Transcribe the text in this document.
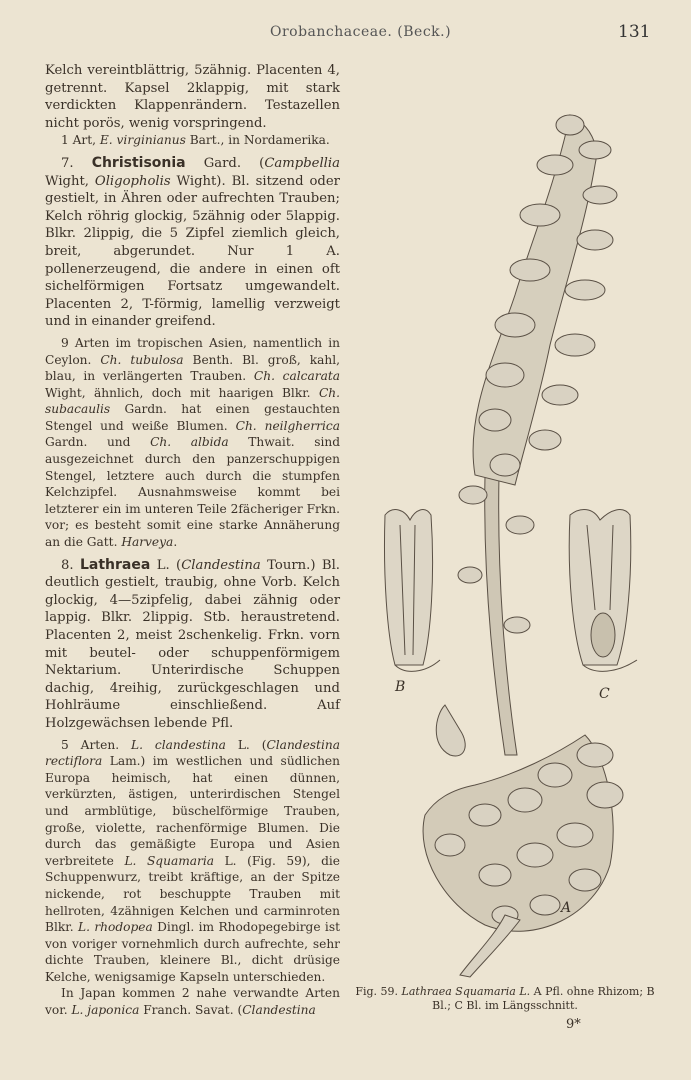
Orobanchaceae. (Beck.)	131

Kelch vereintblättrig, 5zähnig. Placenten 4, getrennt. Kapsel 2klappig, mit stark verdickten Klappenrändern. Testazellen nicht porös, wenig vorspringend.

1 Art, E. virginianus Bart., in Nordamerika.

7. Christisonia Gard. (Campbellia Wight, Oligopholis Wight). Bl. sitzend oder gestielt, in Ähren oder aufrechten Trauben; Kelch röhrig glockig, 5zähnig oder 5lappig. Blkr. 2lippig, die 5 Zipfel ziemlich gleich, breit, abgerundet. Nur 1 A. pollenerzeugend, die andere in einen oft sichelförmigen Fortsatz umgewandelt. Placenten 2, T-förmig, lamellig verzweigt und in einander greifend.

9 Arten im tropischen Asien, namentlich in Ceylon. Ch. tubulosa Benth. Bl. groß, kahl, blau, in verlängerten Trauben. Ch. calcarata Wight, ähnlich, doch mit haarigen Blkr. Ch. subacaulis Gardn. hat einen gestauchten Stengel und weiße Blumen. Ch. neilgherrica Gardn. und Ch. albida Thwait. sind ausgezeichnet durch den panzerschuppigen Stengel, letztere auch durch die stumpfen Kelchzipfel. Ausnahmsweise kommt bei letzterer ein im unteren Teile 2fächeriger Frkn. vor; es besteht somit eine starke Annäherung an die Gatt. Harveya.

8. Lathraea L. (Clandestina Tourn.) Bl. deutlich gestielt, traubig, ohne Vorb. Kelch glockig, 4—5zipfelig, dabei zähnig oder lappig. Blkr. 2lippig. Stb. heraustretend. Placenten 2, meist 2schenkelig. Frkn. vorn mit beutel- oder schuppenförmigem Nektarium. Unterirdische Schuppen dachig, 4reihig, zurückgeschlagen und Hohlräume einschließend. Auf Holzgewächsen lebende Pfl.

5 Arten. L. clandestina L. (Clandestina rectiflora Lam.) im westlichen und südlichen Europa heimisch, hat einen dünnen, verkürzten, ästigen, unterirdischen Stengel und armblütige, büschelförmige Trauben, große, violette, rachenförmige Blumen. Die durch das gemäßigte Europa und Asien verbreitete L. Squamaria L. (Fig. 59), die Schuppenwurz, treibt kräftige, an der Spitze nickende, rot beschuppte Trauben mit hellroten, 4zähnigen Kelchen und carminroten Blkr. L. rhodopea Dingl. im Rhodopegebirge ist von voriger vornehmlich durch aufrechte, sehr dichte Trauben, kleinere Bl., dicht drüsige Kelche, wenigsamige Kapseln unterschieden.

In Japan kommen 2 nahe verwandte Arten vor. L. japonica Franch. Savat. (Clandestina

B	C
A
Fig. 59. Lathraea Squamaria L. A Pfl. ohne Rhizom; B Bl.; C Bl. im Längsschnitt.
9*
